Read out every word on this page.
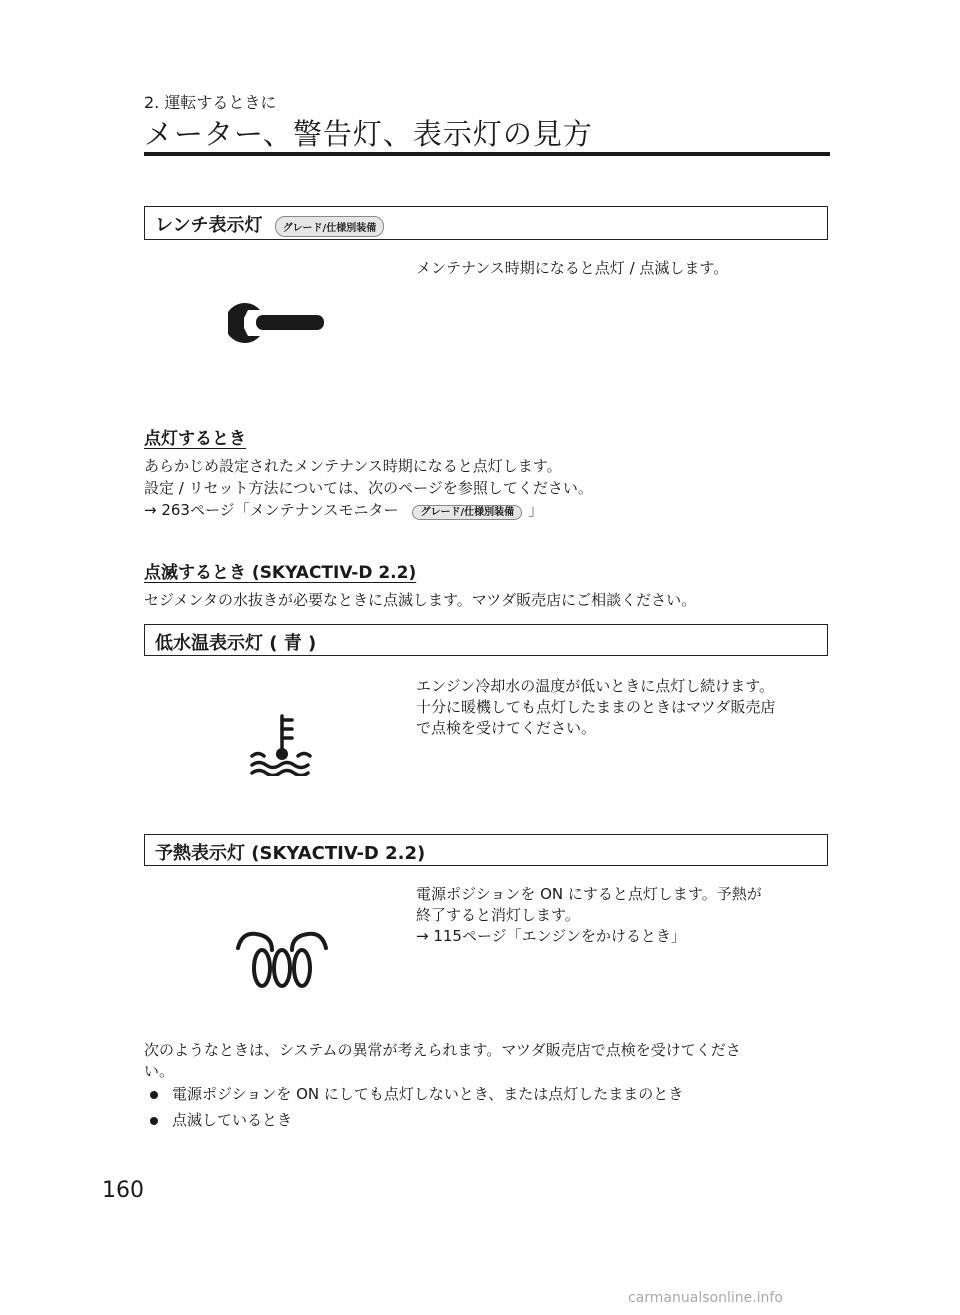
2. 運転するときに
メーター、警告灯、表示灯の見方
レンチ表示灯 グレード/仕様別装備
メンテナンス時期になると点灯 / 点滅します。
点灯するとき
あらかじめ設定されたメンテナンス時期になると点灯します。
設定 / リセット方法については、次のページを参照してください。
→ 263ページ「メンテナンスモニター グレード/仕様別装備 」
点滅するとき (SKYACTIV-D 2.2)
セジメンタの水抜きが必要なときに点滅します。マツダ販売店にご相談ください。
低水温表示灯 ( 青 )
エンジン冷却水の温度が低いときに点灯し続けます。
十分に暖機しても点灯したままのときはマツダ販売店
で点検を受けてください。
予熱表示灯 (SKYACTIV-D 2.2)
電源ポジションを ON にすると点灯します。予熱が
終了すると消灯します。
→ 115ページ「エンジンをかけるとき」
次のようなときは、システムの異常が考えられます。マツダ販売店で点検を受けてくださ
い。
電源ポジションを ON にしても点灯しないとき、または点灯したままのとき
点滅しているとき
160
carmanualsonline.info
